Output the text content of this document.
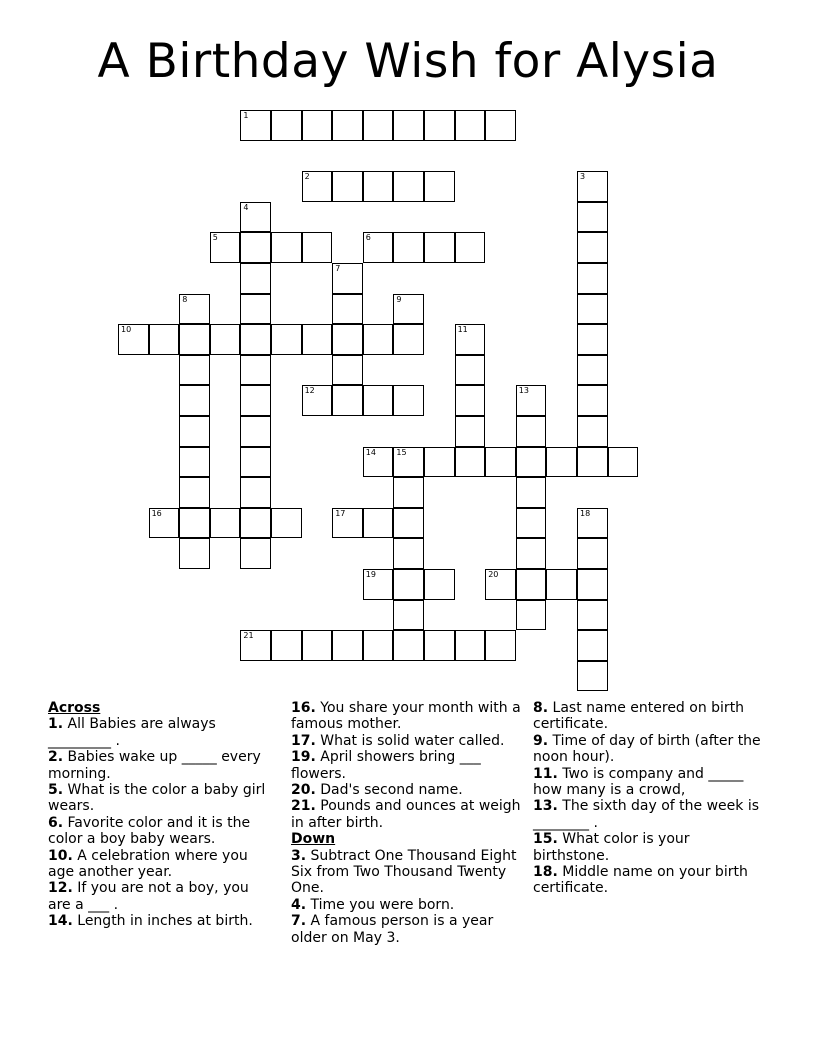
A Birthday Wish for Alysia
1
2	3
4
5	6
7
8	9
10	11
12	13
14	15
16	17	18
19	20
21

Across

1. All Babies are always _________ .

2. Babies wake up _____ every morning.

5. What is the color a baby girl wears.

6. Favorite color and it is the color a boy baby wears.

10. A celebration where you age another year.

12. If you are not a boy, you are a ___ .

14. Length in inches at birth.

16. You share your month with a famous mother.

17. What is solid water called.

19. April showers bring ___ flowers.

20. Dad's second name.

21. Pounds and ounces at weigh in after birth.

Down

3. Subtract One Thousand Eight Six from Two Thousand Twenty One.

4. Time you were born.

7. A famous person is a year older on May 3.

8. Last name entered on birth certificate.

9. Time of day of birth (after the noon hour).

11. Two is company and _____ how many is a crowd,

13. The sixth day of the week is ________ .

15. What color is your birthstone.

18. Middle name on your birth certificate.
